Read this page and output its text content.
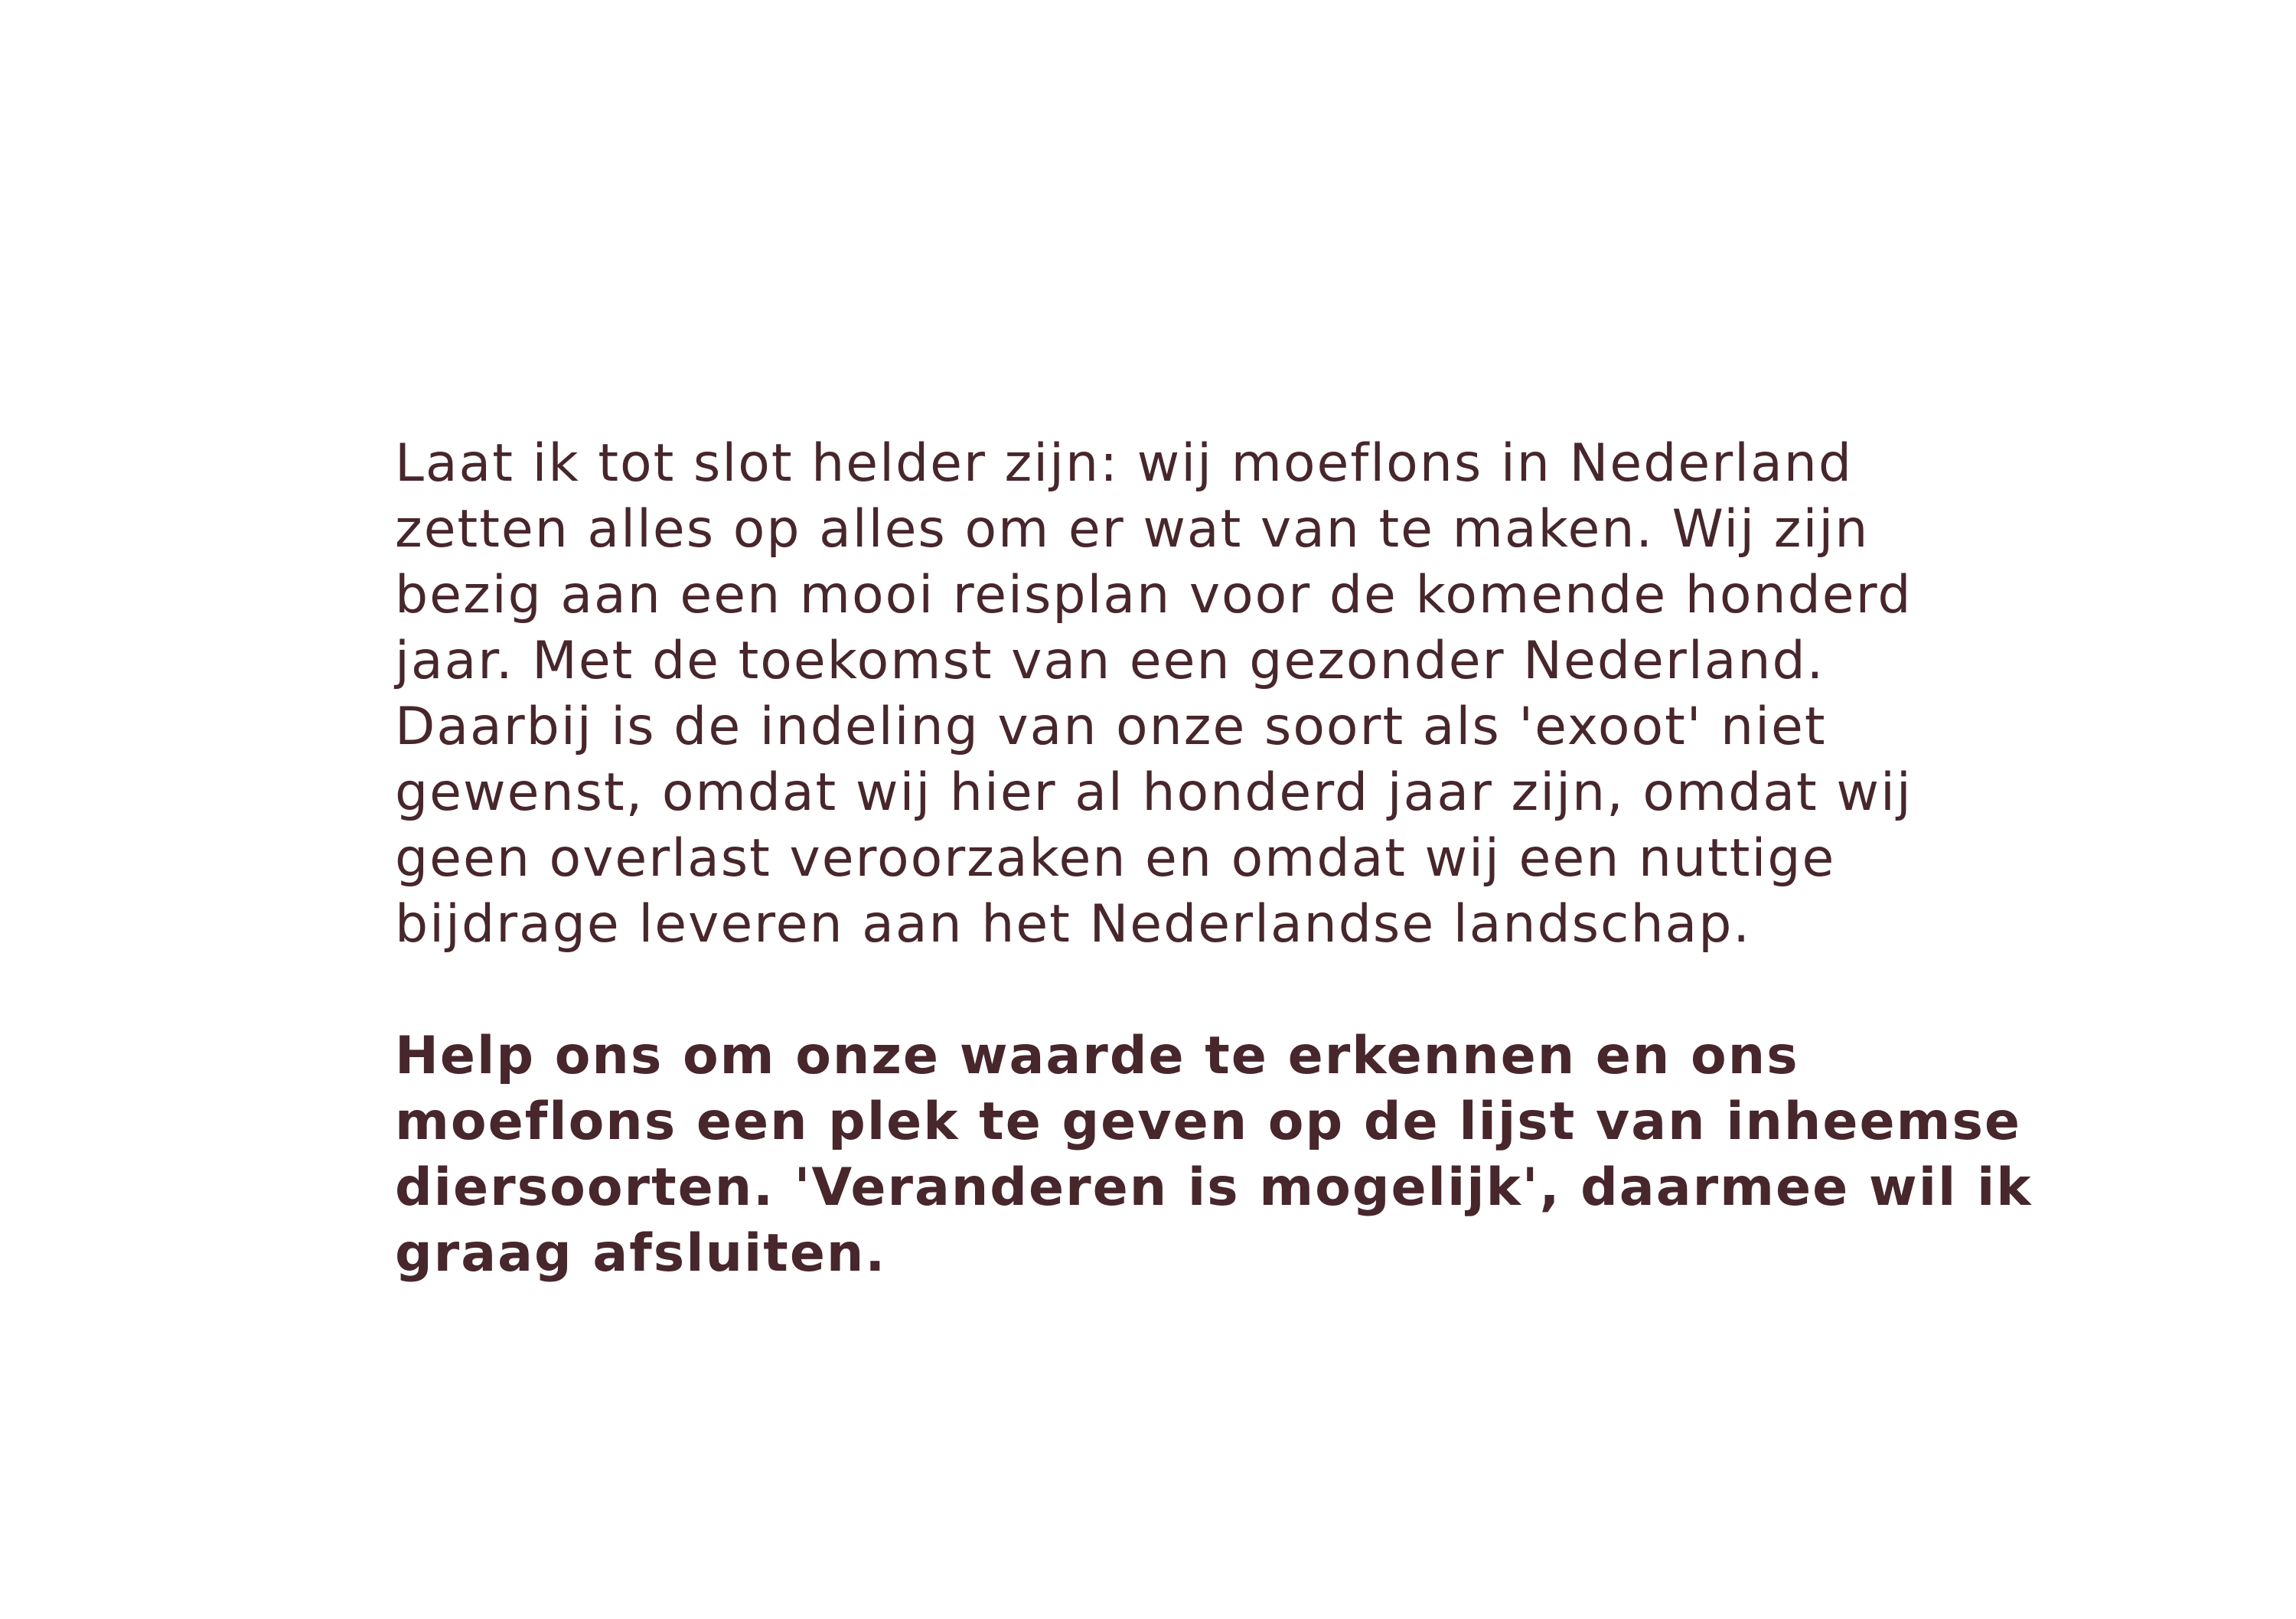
Laat ik tot slot helder zijn: wij moeflons in Nederland
zetten alles op alles om er wat van te maken. Wij zijn
bezig aan een mooi reisplan voor de komende honderd
jaar. Met de toekomst van een gezonder Nederland.
Daarbij is de indeling van onze soort als 'exoot' niet
gewenst, omdat wij hier al honderd jaar zijn, omdat wij
geen overlast veroorzaken en omdat wij een nuttige
bijdrage leveren aan het Nederlandse landschap.
Help ons om onze waarde te erkennen en ons
moeflons een plek te geven op de lijst van inheemse
diersoorten. 'Veranderen is mogelijk', daarmee wil ik
graag afsluiten.
